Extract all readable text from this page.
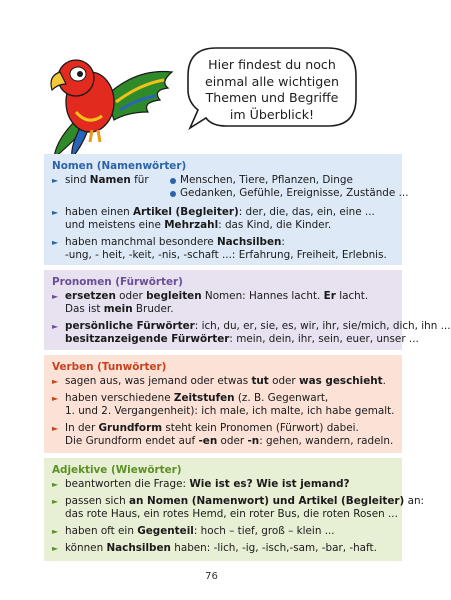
Hier findest du noch
einmal alle wichtigen
Themen und Begriffe
im Überblick!
Nomen (Namenwörter)
► sind Namen für	Menschen, Tiere, Pflanzen, Dinge
Gedanken, Gefühle, Ereignisse, Zustände ...
► haben einen Artikel (Begleiter): der, die, das, ein, eine ...
und meistens eine Mehrzahl: das Kind, die Kinder.
► haben manchmal besondere Nachsilben:
-ung, - heit, -keit, -nis, -schaft ...: Erfahrung, Freiheit, Erlebnis.
Pronomen (Fürwörter)
► ersetzen oder begleiten Nomen: Hannes lacht. Er lacht.
Das ist mein Bruder.
► persönliche Fürwörter: ich, du, er, sie, es, wir, ihr, sie/mich, dich, ihn ...
besitzanzeigende Fürwörter: mein, dein, ihr, sein, euer, unser ...
Verben (Tunwörter)
► sagen aus, was jemand oder etwas tut oder was geschieht.
► haben verschiedene Zeitstufen (z. B. Gegenwart,
1. und 2. Vergangenheit): ich male, ich malte, ich habe gemalt.
► In der Grundform steht kein Pronomen (Fürwort) dabei.
Die Grundform endet auf -en oder -n: gehen, wandern, radeln.
Adjektive (Wiewörter)
► beantworten die Frage: Wie ist es? Wie ist jemand?
► passen sich an Nomen (Namenwort) und Artikel (Begleiter) an:
das rote Haus, ein rotes Hemd, ein roter Bus, die roten Rosen ...
► haben oft ein Gegenteil: hoch – tief, groß – klein ...
► können Nachsilben haben: -lich, -ig, -isch,-sam, -bar, -haft.
76
